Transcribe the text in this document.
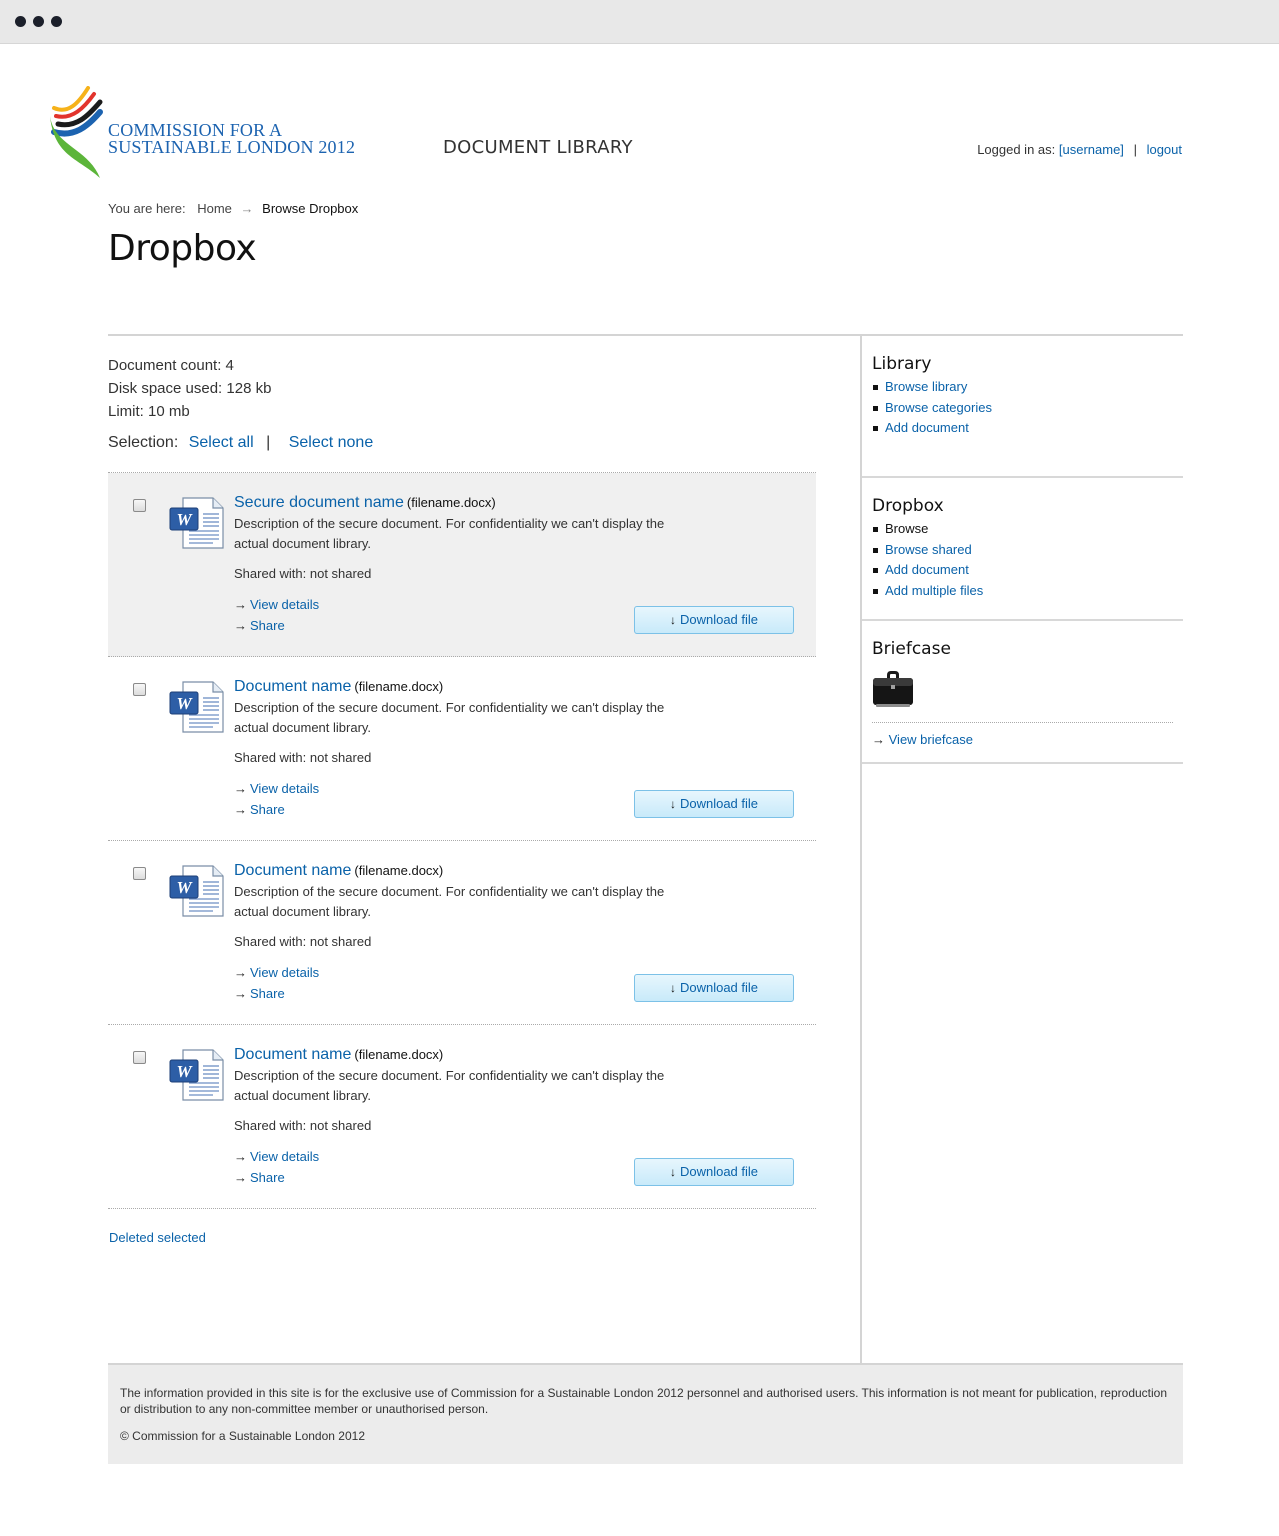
COMMISSION FOR A
SUSTAINABLE LONDON 2012	DOCUMENT LIBRARY	Logged in as: [username] | logout
You are here: Home → Browse Dropbox
Dropbox
Document count: 4
Disk space used: 128 kb
Limit: 10 mb
Selection: Select all | Select none
W
Secure document name (filename.docx)
Description of the secure document. For confidentiality we can't display the
actual document library.
Shared with: not shared
→ View details
→ Share	↓ Download file
W
Document name (filename.docx)
Description of the secure document. For confidentiality we can't display the
actual document library.
Shared with: not shared
→ View details
→ Share	↓ Download file
W
Document name (filename.docx)
Description of the secure document. For confidentiality we can't display the
actual document library.
Shared with: not shared
→ View details
→ Share	↓ Download file
W
Document name (filename.docx)
Description of the secure document. For confidentiality we can't display the
actual document library.
Shared with: not shared
→ View details
→ Share	↓ Download file
Deleted selected
Library
Browse library
Browse categories
Add document
Dropbox
Browse
Browse shared
Add document
Add multiple files
Briefcase
→ View briefcase
The information provided in this site is for the exclusive use of Commission for a Sustainable London 2012 personnel and authorised users. This information is not meant for publication, reproduction or distribution to any non-committee member or unauthorised person.
© Commission for a Sustainable London 2012
